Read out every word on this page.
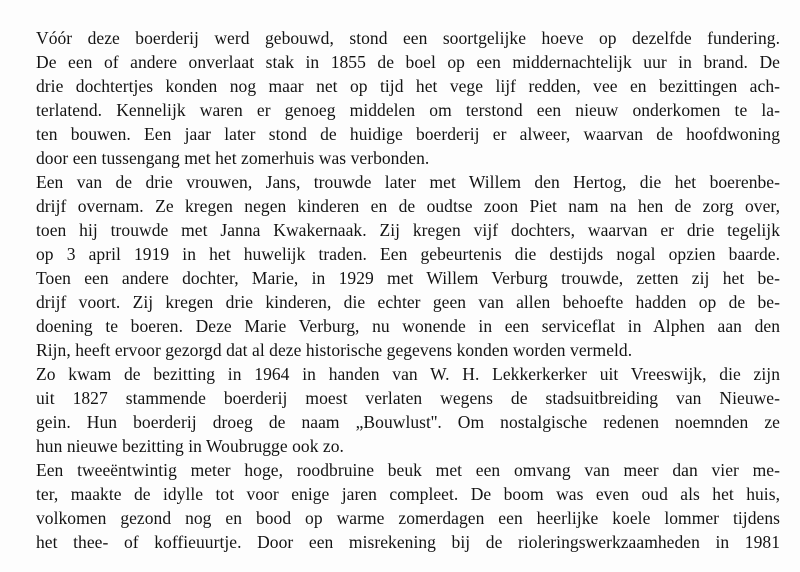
Vóór deze boerderij werd gebouwd, stond een soortgelijke hoeve op dezelfde fundering.
De een of andere onverlaat stak in 1855 de boel op een middernachtelijk uur in brand. De
drie dochtertjes konden nog maar net op tijd het vege lijf redden, vee en bezittingen ach-
terlatend. Kennelijk waren er genoeg middelen om terstond een nieuw onderkomen te la-
ten bouwen. Een jaar later stond de huidige boerderij er alweer, waarvan de hoofdwoning
door een tussengang met het zomerhuis was verbonden.
Een van de drie vrouwen, Jans, trouwde later met Willem den Hertog, die het boerenbe-
drijf overnam. Ze kregen negen kinderen en de oudtse zoon Piet nam na hen de zorg over,
toen hij trouwde met Janna Kwakernaak. Zij kregen vijf dochters, waarvan er drie tegelijk
op 3 april 1919 in het huwelijk traden. Een gebeurtenis die destijds nogal opzien baarde.
Toen een andere dochter, Marie, in 1929 met Willem Verburg trouwde, zetten zij het be-
drijf voort. Zij kregen drie kinderen, die echter geen van allen behoefte hadden op de be-
doening te boeren. Deze Marie Verburg, nu wonende in een serviceflat in Alphen aan den
Rijn, heeft ervoor gezorgd dat al deze historische gegevens konden worden vermeld.
Zo kwam de bezitting in 1964 in handen van W. H. Lekkerkerker uit Vreeswijk, die zijn
uit 1827 stammende boerderij moest verlaten wegens de stadsuitbreiding van Nieuwe-
gein. Hun boerderij droeg de naam „Bouwlust''. Om nostalgische redenen noemnden ze
hun nieuwe bezitting in Woubrugge ook zo.
Een tweeëntwintig meter hoge, roodbruine beuk met een omvang van meer dan vier me-
ter, maakte de idylle tot voor enige jaren compleet. De boom was even oud als het huis,
volkomen gezond nog en bood op warme zomerdagen een heerlijke koele lommer tijdens
het thee- of koffieuurtje. Door een misrekening bij de rioleringswerkzaamheden in 1981
